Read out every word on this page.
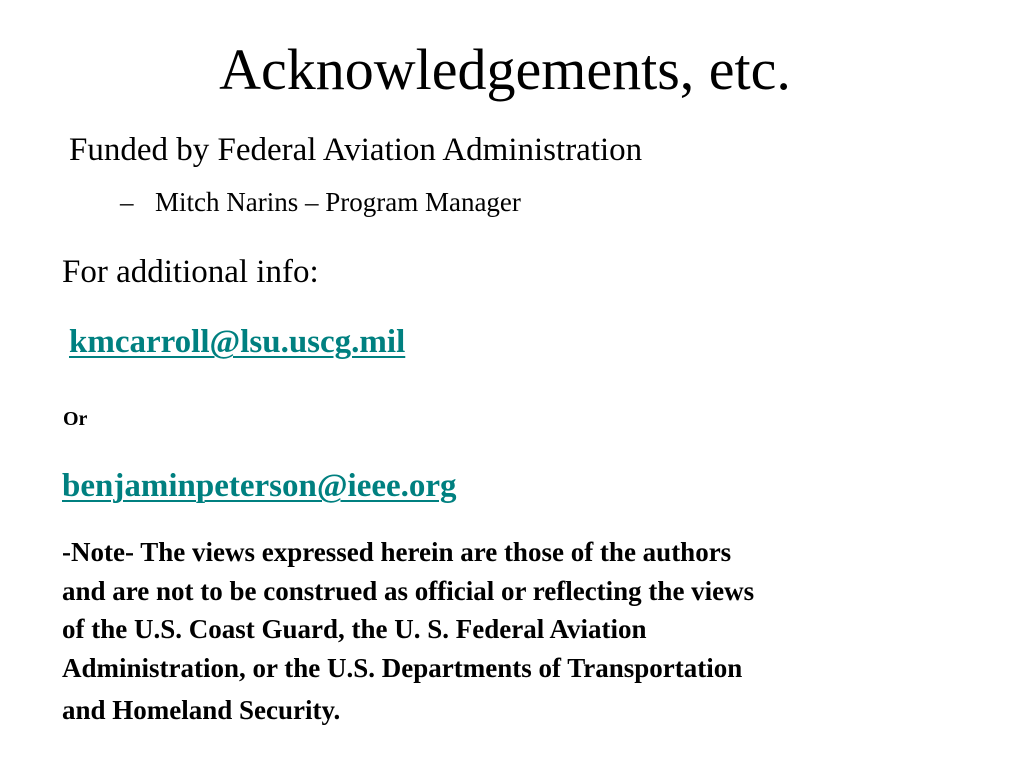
Acknowledgements, etc.
Funded by Federal Aviation Administration
– Mitch Narins – Program Manager
For additional info:
kmcarroll@lsu.uscg.mil
Or
benjaminpeterson@ieee.org
-Note- The views expressed herein are those of the authors
and are not to be construed as official or reflecting the views
of the U.S. Coast Guard, the U. S. Federal Aviation
Administration, or the U.S. Departments of Transportation
and Homeland Security.
